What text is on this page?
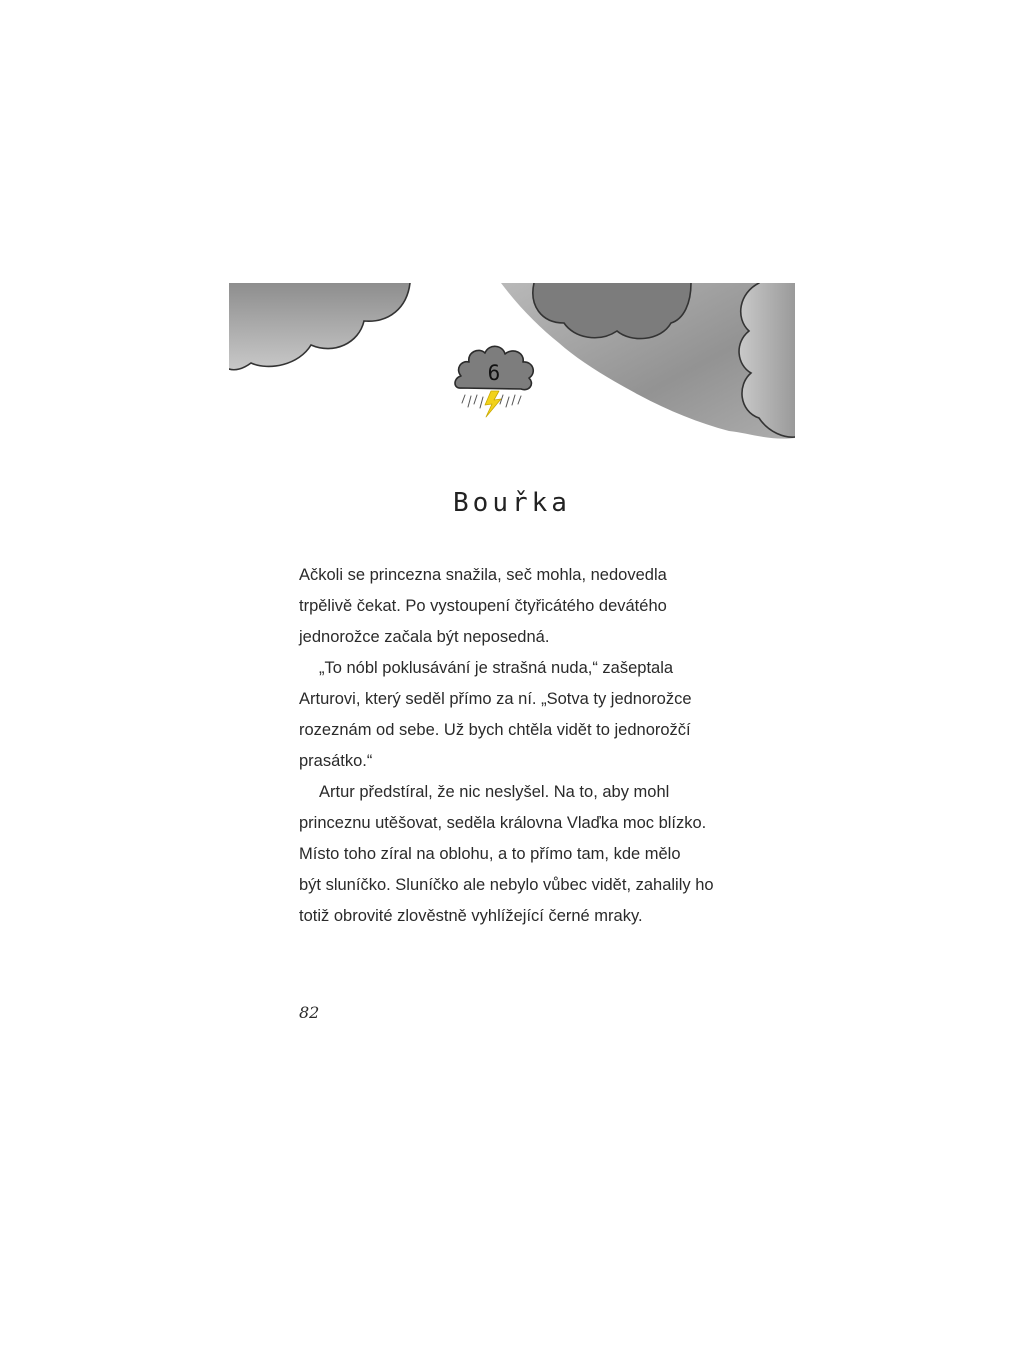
6
Bouřka

Ačkoli se princezna snažila, seč mohla, nedovedla
trpělivě čekat. Po vystoupení čtyřicátého devátého
jednorožce začala být neposedná.

„To nóbl poklusávání je strašná nuda,“ zašeptala
Arturovi, který seděl přímo za ní. „Sotva ty jednorožce
rozeznám od sebe. Už bych chtěla vidět to jednorožčí
prasátko.“

Artur předstíral, že nic neslyšel. Na to, aby mohl
princeznu utěšovat, seděla královna Vlaďka moc blízko.
Místo toho zíral na oblohu, a to přímo tam, kde mělo
být sluníčko. Sluníčko ale nebylo vůbec vidět, zahalily ho
totiž obrovité zlověstně vyhlížející černé mraky.

82
